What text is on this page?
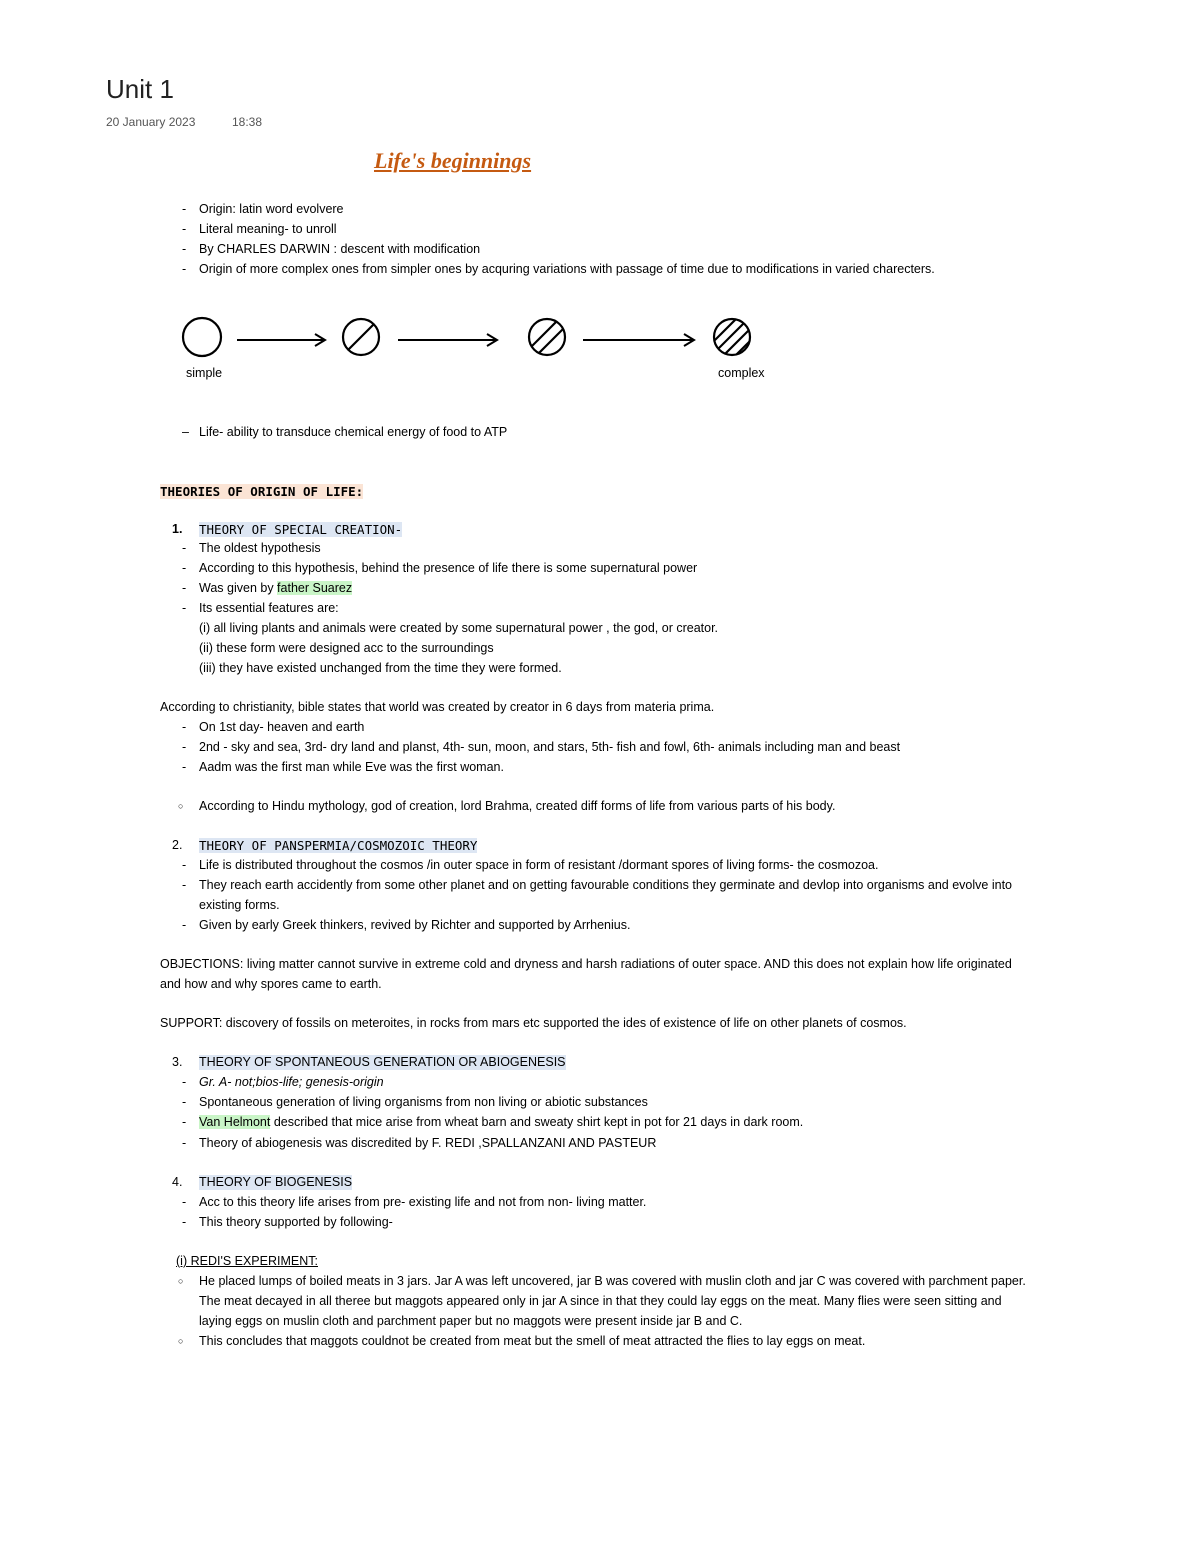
Unit 1
20 January 2023	18:38
Life's beginnings
- Origin: latin word evolvere
- Literal meaning- to unroll
- By CHARLES DARWIN : descent with modification
- Origin of more complex ones from simpler ones by acquring variations with passage of time due to modifications in varied charecters.
simple	complex
– Life- ability to transduce chemical energy of food to ATP
THEORIES OF ORIGIN OF LIFE:
1. THEORY OF SPECIAL CREATION-
- The oldest hypothesis
- According to this hypothesis, behind the presence of life there is some supernatural power
- Was given by father Suarez
- Its essential features are:
(i) all living plants and animals were created by some supernatural power , the god, or creator.
(ii) these form were designed acc to the surroundings
(iii) they have existed unchanged from the time they were formed.
According to christianity, bible states that world was created by creator in 6 days from materia prima.
- On 1st day- heaven and earth
- 2nd - sky and sea, 3rd- dry land and planst, 4th- sun, moon, and stars, 5th- fish and fowl, 6th- animals including man and beast
- Aadm was the first man while Eve was the first woman.
○ According to Hindu mythology, god of creation, lord Brahma, created diff forms of life from various parts of his body.
2. THEORY OF PANSPERMIA/COSMOZOIC THEORY
- Life is distributed throughout the cosmos /in outer space in form of resistant /dormant spores of living forms- the cosmozoa.
- They reach earth accidently from some other planet and on getting favourable conditions they germinate and devlop into organisms and evolve into
existing forms.
- Given by early Greek thinkers, revived by Richter and supported by Arrhenius.
OBJECTIONS: living matter cannot survive in extreme cold and dryness and harsh radiations of outer space. AND this does not explain how life originated
and how and why spores came to earth.
SUPPORT: discovery of fossils on meteroites, in rocks from mars etc supported the ides of existence of life on other planets of cosmos.
3. THEORY OF SPONTANEOUS GENERATION OR ABIOGENESIS
- Gr. A- not;bios-life; genesis-origin
- Spontaneous generation of living organisms from non living or abiotic substances
- Van Helmont described that mice arise from wheat barn and sweaty shirt kept in pot for 21 days in dark room.
- Theory of abiogenesis was discredited by F. REDI ,SPALLANZANI AND PASTEUR
4. THEORY OF BIOGENESIS
- Acc to this theory life arises from pre- existing life and not from non- living matter.
- This theory supported by following-
(i) REDI'S EXPERIMENT:
○ He placed lumps of boiled meats in 3 jars. Jar A was left uncovered, jar B was covered with muslin cloth and jar C was covered with parchment paper.
The meat decayed in all theree but maggots appeared only in jar A since in that they could lay eggs on the meat. Many flies were seen sitting and
laying eggs on muslin cloth and parchment paper but no maggots were present inside jar B and C.
○ This concludes that maggots couldnot be created from meat but the smell of meat attracted the flies to lay eggs on meat.
